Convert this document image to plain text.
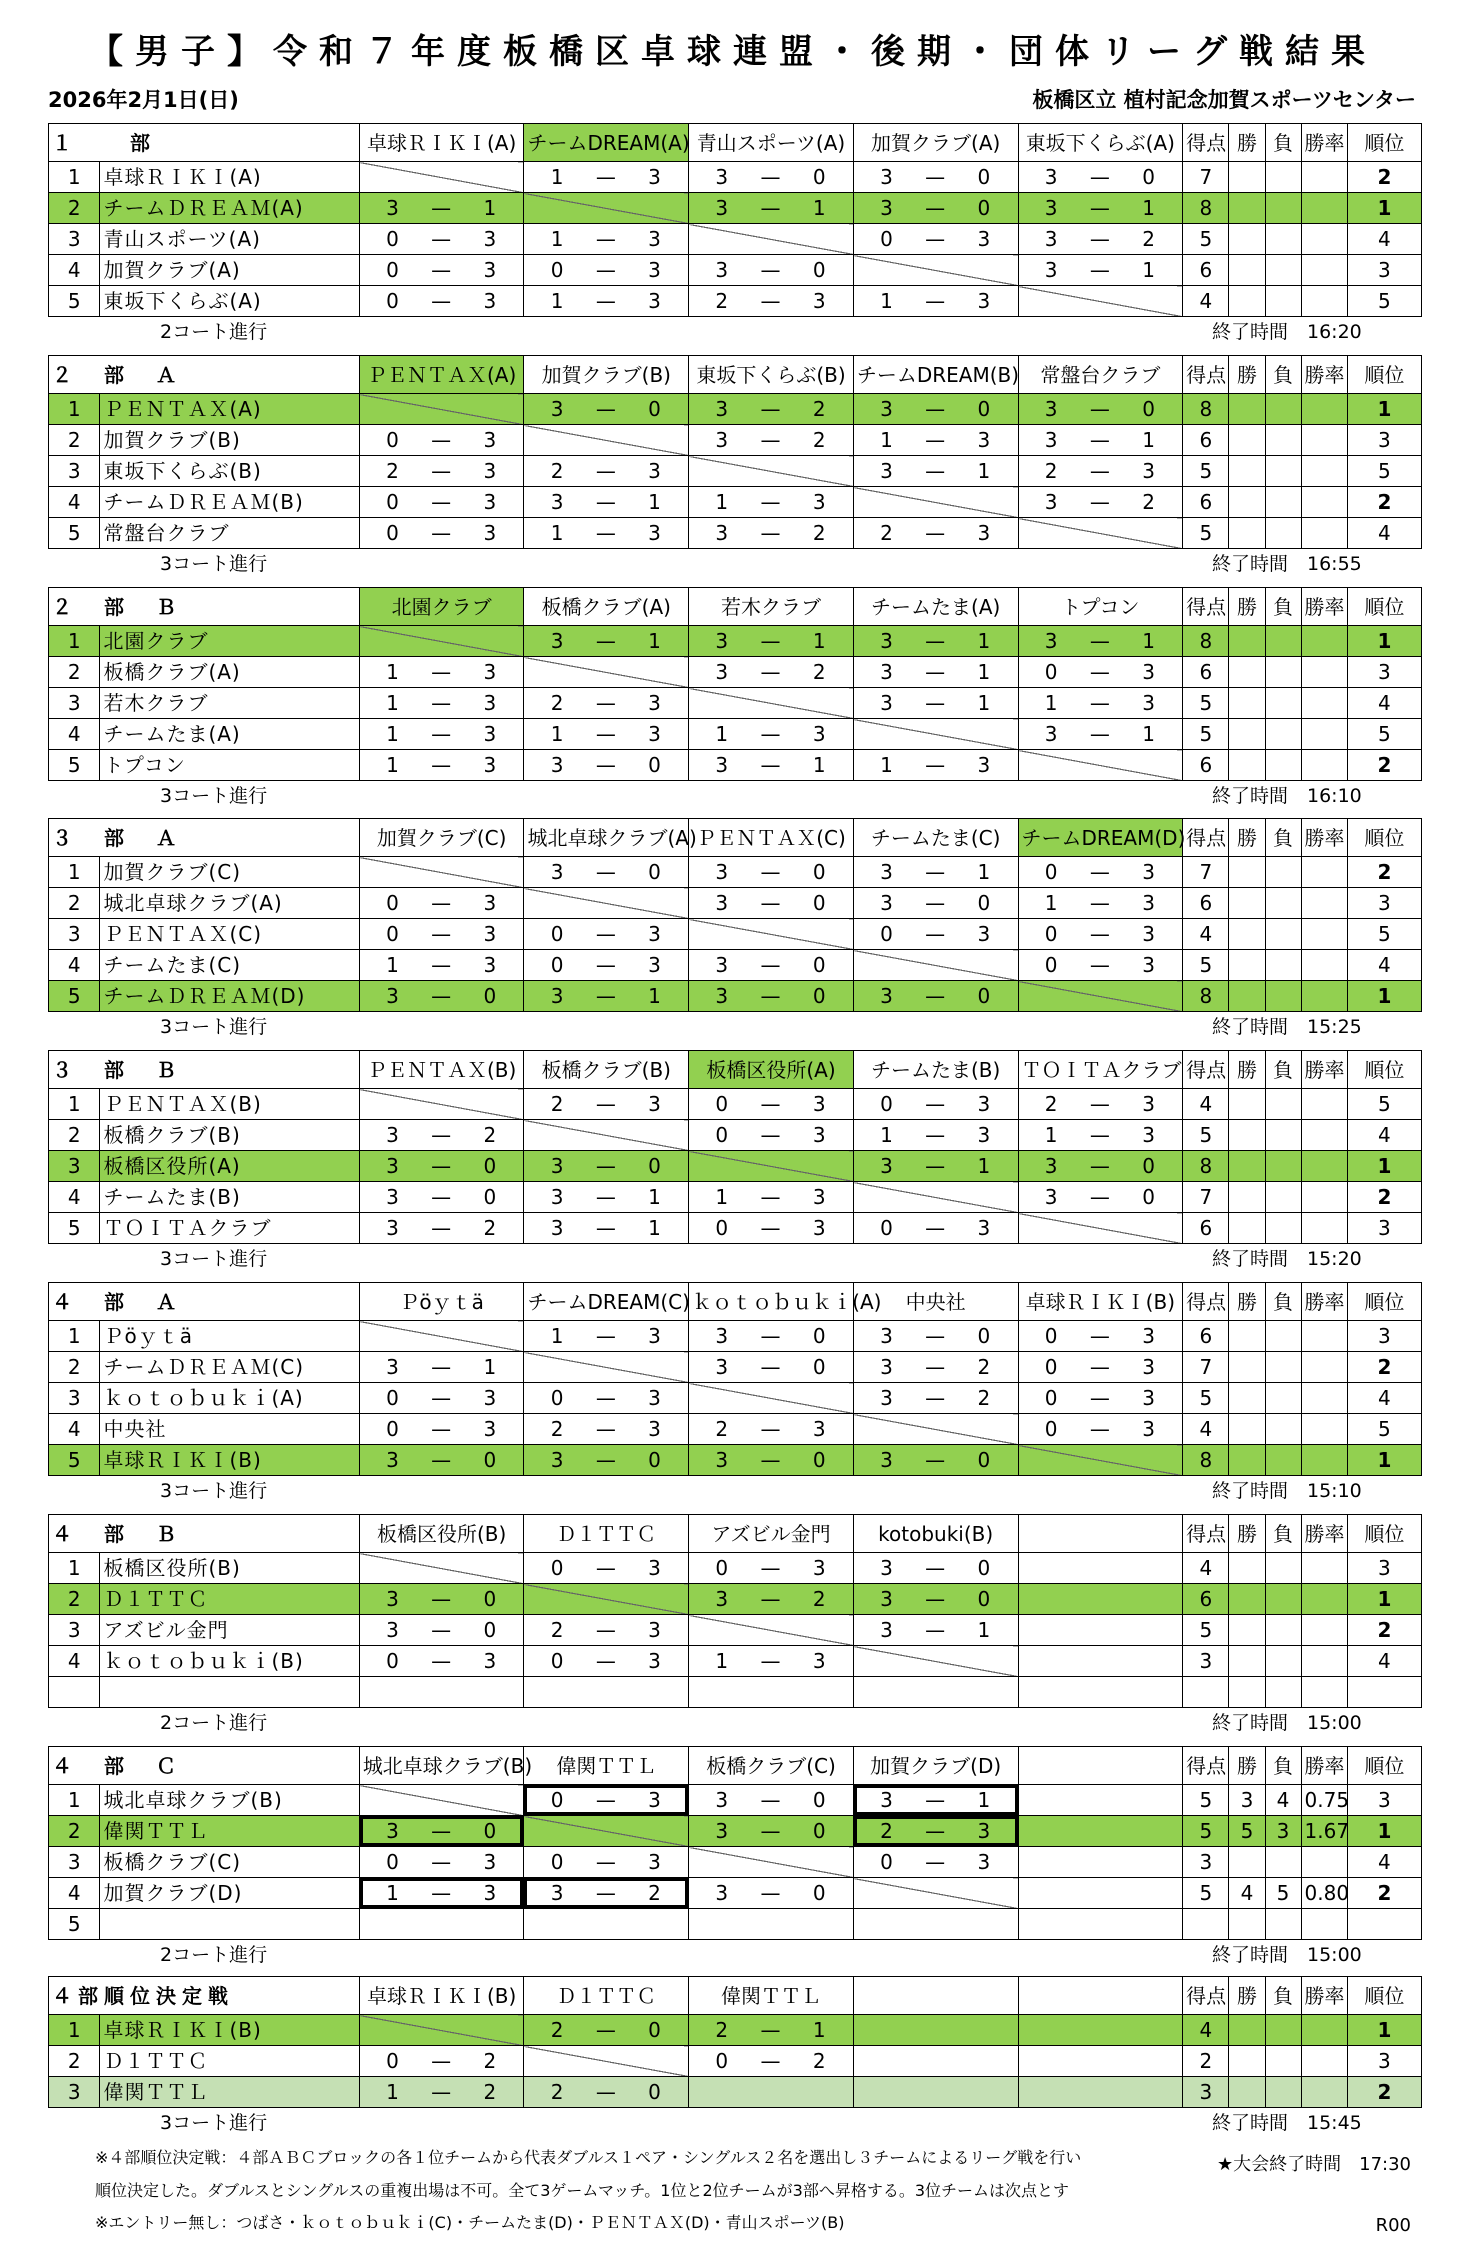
【男子】令和７年度板橋区卓球連盟・後期・団体リーグ戦結果
2026年2月1日(日)	板橋区立 植村記念加賀スポーツセンター
１　　部		卓球ＲＩＫＩ(A)	チームDREAM(A)	青山スポーツ(A)	加賀クラブ(A)	東坂下くらぶ(A)	得点	勝	負	勝率	順位
1	卓球ＲＩＫＩ(A)		1 — 3	3 — 0	3 — 0	3 — 0	7				2
2	チームＤＲＥＡＭ(A)	3 — 1		3 — 1	3 — 0	3 — 1	8				1
3	青山スポーツ(A)	0 — 3	1 — 3		0 — 3	3 — 2	5				4
4	加賀クラブ(A)	0 — 3	0 — 3	3 — 0		3 — 1	6				3
5	東坂下くらぶ(A)	0 — 3	1 — 3	2 — 3	1 — 3		4				5
2コート進行	終了時間　16:20
２　部　Ａ		ＰＥＮＴＡＸ(A)	加賀クラブ(B)	東坂下くらぶ(B)	チームDREAM(B)	常盤台クラブ	得点	勝	負	勝率	順位
1	ＰＥＮＴＡＸ(A)		3 — 0	3 — 2	3 — 0	3 — 0	8				1
2	加賀クラブ(B)	0 — 3		3 — 2	1 — 3	3 — 1	6				3
3	東坂下くらぶ(B)	2 — 3	2 — 3		3 — 1	2 — 3	5				5
4	チームＤＲＥＡＭ(B)	0 — 3	3 — 1	1 — 3		3 — 2	6				2
5	常盤台クラブ	0 — 3	1 — 3	3 — 2	2 — 3		5				4
3コート進行	終了時間　16:55
２　部　Ｂ		北園クラブ	板橋クラブ(A)	若木クラブ	チームたま(A)	トプコン	得点	勝	負	勝率	順位
1	北園クラブ		3 — 1	3 — 1	3 — 1	3 — 1	8				1
2	板橋クラブ(A)	1 — 3		3 — 2	3 — 1	0 — 3	6				3
3	若木クラブ	1 — 3	2 — 3		3 — 1	1 — 3	5				4
4	チームたま(A)	1 — 3	1 — 3	1 — 3		3 — 1	5				5
5	トプコン	1 — 3	3 — 0	3 — 1	1 — 3		6				2
3コート進行	終了時間　16:10
３　部　Ａ		加賀クラブ(C)	城北卓球クラブ(A)	ＰＥＮＴＡＸ(C)	チームたま(C)	チームDREAM(D)	得点	勝	負	勝率	順位
1	加賀クラブ(C)		3 — 0	3 — 0	3 — 1	0 — 3	7				2
2	城北卓球クラブ(A)	0 — 3		3 — 0	3 — 0	1 — 3	6				3
3	ＰＥＮＴＡＸ(C)	0 — 3	0 — 3		0 — 3	0 — 3	4				5
4	チームたま(C)	1 — 3	0 — 3	3 — 0		0 — 3	5				4
5	チームＤＲＥＡＭ(D)	3 — 0	3 — 1	3 — 0	3 — 0		8				1
3コート進行	終了時間　15:25
３　部　Ｂ		ＰＥＮＴＡＸ(B)	板橋クラブ(B)	板橋区役所(A)	チームたま(B)	ＴＯＩＴＡクラブ	得点	勝	負	勝率	順位
1	ＰＥＮＴＡＸ(B)		2 — 3	0 — 3	0 — 3	2 — 3	4				5
2	板橋クラブ(B)	3 — 2		0 — 3	1 — 3	1 — 3	5				4
3	板橋区役所(A)	3 — 0	3 — 0		3 — 1	3 — 0	8				1
4	チームたま(B)	3 — 0	3 — 1	1 — 3		3 — 0	7				2
5	ＴＯＩＴＡクラブ	3 — 2	3 — 1	0 — 3	0 — 3		6				3
3コート進行	終了時間　15:20
４　部　Ａ		Ｐöｙｔä	チームDREAM(C)	ｋｏｔｏｂｕｋｉ(A)	中央社	卓球ＲＩＫＩ(B)	得点	勝	負	勝率	順位
1	Ｐöｙｔä		1 — 3	3 — 0	3 — 0	0 — 3	6				3
2	チームＤＲＥＡＭ(C)	3 — 1		3 — 0	3 — 2	0 — 3	7				2
3	ｋｏｔｏｂｕｋｉ(A)	0 — 3	0 — 3		3 — 2	0 — 3	5				4
4	中央社	0 — 3	2 — 3	2 — 3		0 — 3	4				5
5	卓球ＲＩＫＩ(B)	3 — 0	3 — 0	3 — 0	3 — 0		8				1
3コート進行	終了時間　15:10
４　部　Ｂ		板橋区役所(B)	Ｄ１ＴＴＣ	アズビル金門	kotobuki(B)		得点	勝	負	勝率	順位
1	板橋区役所(B)		0 — 3	0 — 3	3 — 0		4				3
2	Ｄ１ＴＴＣ	3 — 0		3 — 2	3 — 0		6				1
3	アズビル金門	3 — 0	2 — 3		3 — 1		5				2
4	ｋｏｔｏｂｕｋｉ(B)	0 — 3	0 — 3	1 — 3			3				4

2コート進行	終了時間　15:00
４　部　Ｃ		城北卓球クラブ(B)	偉関ＴＴＬ	板橋クラブ(C)	加賀クラブ(D)		得点	勝	負	勝率	順位
1	城北卓球クラブ(B)		0 — 3	3 — 0	3 — 1		5	3	4	0.75	3
2	偉関ＴＴＬ	3 — 0		3 — 0	2 — 3		5	5	3	1.67	1
3	板橋クラブ(C)	0 — 3	0 — 3		0 — 3		3				4
4	加賀クラブ(D)	1 — 3	3 — 2	3 — 0			5	4	5	0.80	2
5											
2コート進行	終了時間　15:00
４部順位決定戦		卓球ＲＩＫＩ(B)	Ｄ１ＴＴＣ	偉関ＴＴＬ			得点	勝	負	勝率	順位
1	卓球ＲＩＫＩ(B)		2 — 0	2 — 1			4				1
2	Ｄ１ＴＴＣ	0 — 2		0 — 2			2				3
3	偉関ＴＴＬ	1 — 2	2 — 0				3				2
3コート進行	終了時間　15:45
★大会終了時間　17:30
※４部順位決定戦：４部ＡＢＣブロックの各１位チームから代表ダブルス１ペア・シングルス２名を選出し３チームによるリーグ戦を行い
順位決定した。ダブルスとシングルスの重複出場は不可。全て3ゲームマッチ。1位と2位チームが3部へ昇格する。3位チームは次点とす
※エントリー無し：つばさ・ｋｏｔｏｂｕｋｉ(C)・チームたま(D)・ＰＥＮＴＡＸ(D)・青山スポーツ(B)	R00
